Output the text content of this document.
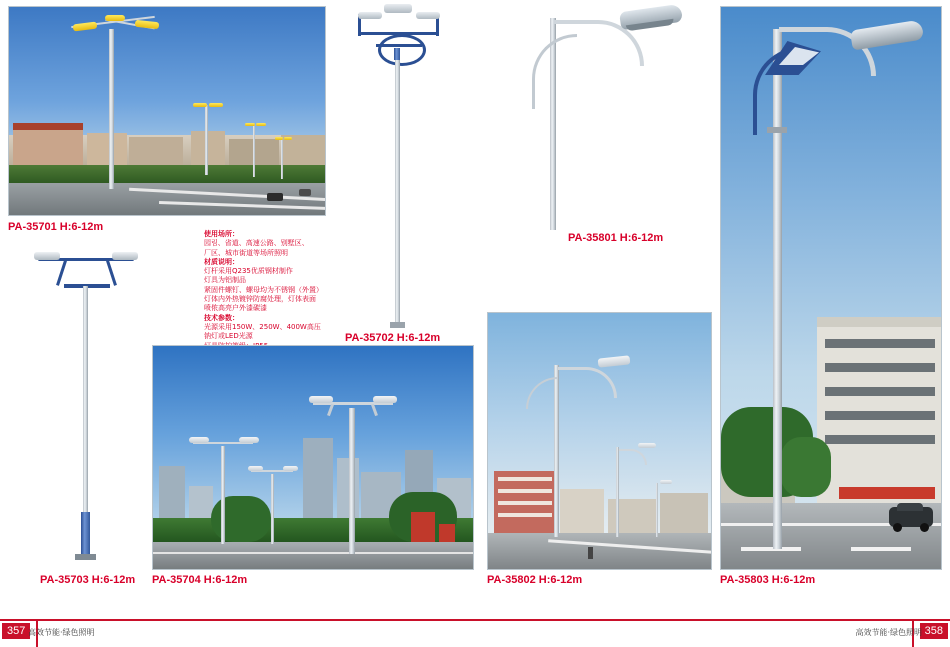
PA-35701 H:6-12m
使用场所：
园림、省道、高速公路、别墅区、
厂区、城市街道等场所照明
材质说明：
灯杆采用Q235优质钢材制作
灯具为铝制品
紧固件螺钉、螺母均为不锈钢（外置）
灯体内外热镀锌防腐处理，灯体表面
喷侬高亮户外漆碳漆
技术参数：
光源采用150W、250W、400W高压
钠灯或LED光源	PA-35702 H:6-12m
PA-35703 H:6-12m PA-35704 H:6-12m
PA-35801 H:6-12m
PA-35802 H:6-12m	PA-35803 H:6-12m
357 高效节能·绿色照明	358
高效节能·绿色照明
